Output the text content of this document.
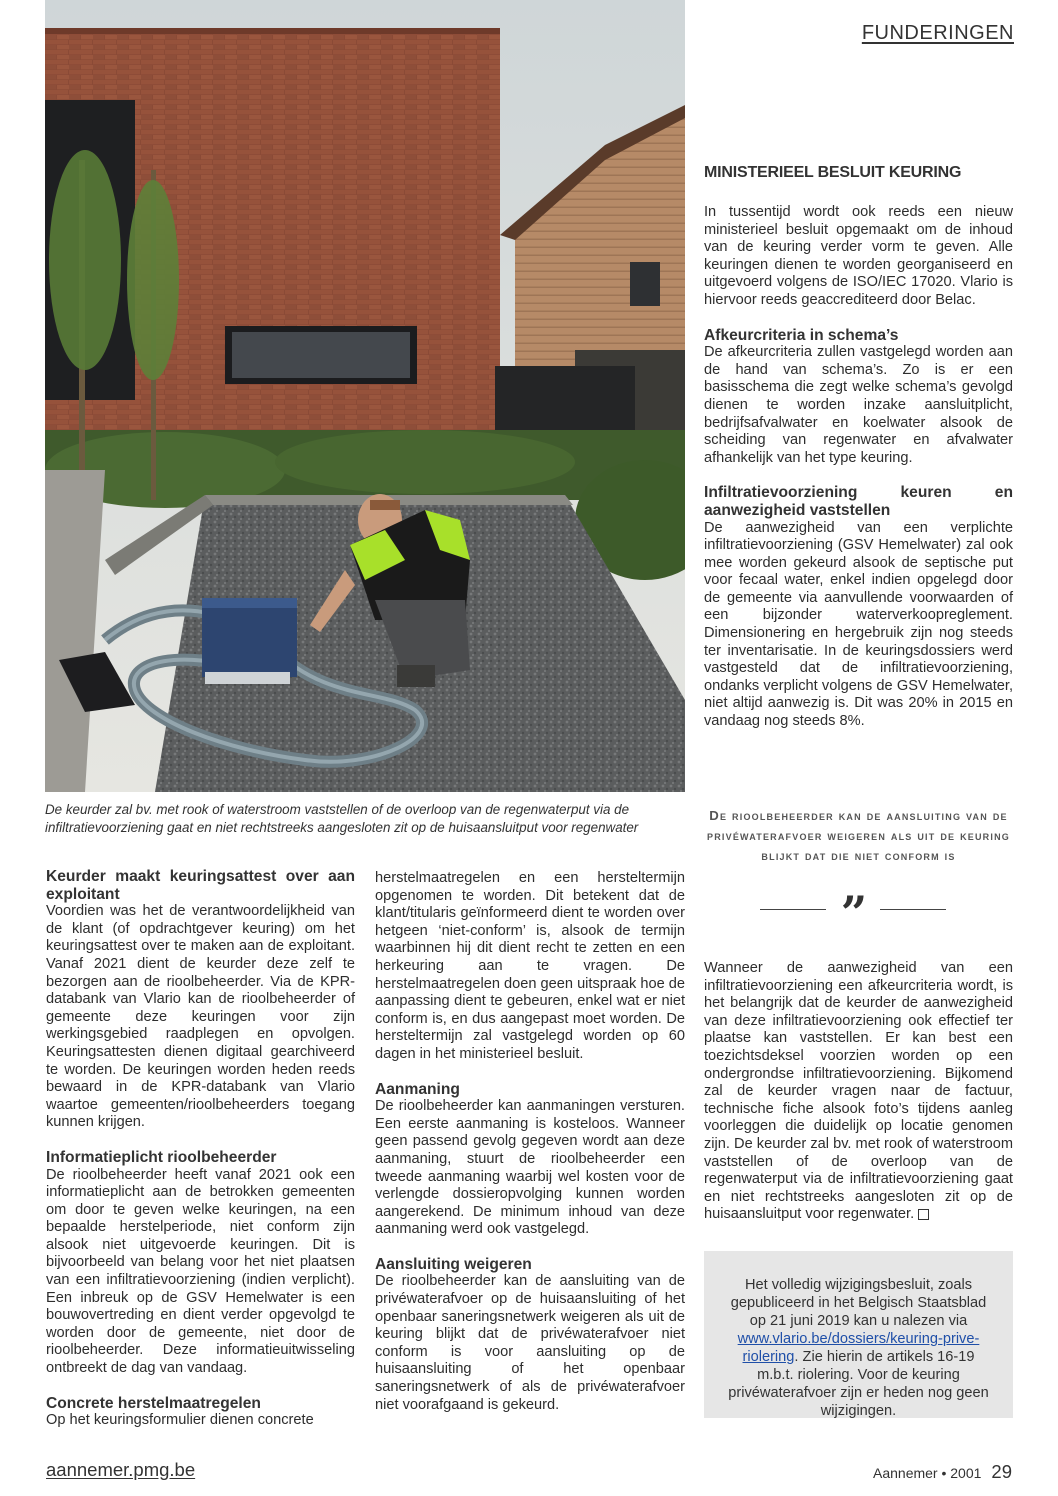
FUNDERINGEN
De keurder zal bv. met rook of waterstroom vaststellen of de overloop van de regenwaterput via de infiltratievoorziening gaat en niet rechtstreeks aangesloten zit op de huisaansluitput voor regenwater
Keurder maakt keuringsattest over aan exploitant

Voordien was het de verantwoordelijkheid van de klant (of opdrachtgever keuring) om het keuringsattest over te maken aan de exploitant. Vanaf 2021 dient de keurder deze zelf te bezorgen aan de rioolbeheerder. Via de KPR-databank van Vlario kan de rioolbeheerder of gemeente deze keuringen voor zijn werkingsgebied raadplegen en opvolgen. Keuringsattesten dienen digitaal gearchiveerd te worden. De keuringen worden heden reeds bewaard in de KPR-databank van Vlario waartoe gemeenten/rioolbeheerders toegang kunnen krijgen.

Informatieplicht rioolbeheerder

De rioolbeheerder heeft vanaf 2021 ook een informatieplicht aan de betrokken gemeenten om door te geven welke keuringen, na een bepaalde herstelperiode, niet conform zijn alsook niet uitgevoerde keuringen. Dit is bijvoorbeeld van belang voor het niet plaatsen van een infiltratievoorziening (indien verplicht). Een inbreuk op de GSV Hemelwater is een bouwovertreding en dient verder opgevolgd te worden door de gemeente, niet door de rioolbeheerder. Deze informatieuitwisseling ontbreekt de dag van vandaag.

Concrete herstelmaatregelen

Op het keuringsformulier dienen concrete

herstelmaatregelen en een hersteltermijn opgenomen te worden. Dit betekent dat de klant/titularis geïnformeerd dient te worden over hetgeen ‘niet-conform’ is, alsook de termijn waarbinnen hij dit dient recht te zetten en een herkeuring aan te vragen. De herstelmaatregelen doen geen uitspraak hoe de aanpassing dient te gebeuren, enkel wat er niet conform is, en dus aangepast moet worden. De hersteltermijn zal vastgelegd worden op 60 dagen in het ministerieel besluit.

Aanmaning

De rioolbeheerder kan aanmaningen versturen. Een eerste aanmaning is kosteloos. Wanneer geen passend gevolg gegeven wordt aan deze aanmaning, stuurt de rioolbeheerder een tweede aanmaning waarbij wel kosten voor de verlengde dossieropvolging kunnen worden aangerekend. De minimum inhoud van deze aanmaning werd ook vastgelegd.

Aansluiting weigeren

De rioolbeheerder kan de aansluiting van de privéwaterafvoer op de huisaansluiting of het openbaar saneringsnetwerk weigeren als uit de keuring blijkt dat de privéwaterafvoer niet conform is voor aansluiting op de huisaansluiting of het openbaar saneringsnetwerk of als de privéwaterafvoer niet voorafgaand is gekeurd.

MINISTERIEEL BESLUIT KEURING

In tussentijd wordt ook reeds een nieuw ministerieel besluit opgemaakt om de inhoud van de keuring verder vorm te geven. Alle keuringen dienen te worden georganiseerd en uitgevoerd volgens de ISO/IEC 17020. Vlario is hiervoor reeds geaccrediteerd door Belac.

Afkeurcriteria in schema’s

De afkeurcriteria zullen vastgelegd worden aan de hand van schema’s. Zo is er een basisschema die zegt welke schema’s gevolgd dienen te worden inzake aansluitplicht, bedrijfsafvalwater en koelwater alsook de scheiding van regenwater en afvalwater afhankelijk van het type keuring.

Infiltratievoorziening keuren en aanwezigheid vaststellen

De aanwezigheid van een verplichte infiltratievoorziening (GSV Hemelwater) zal ook mee worden gekeurd alsook de septische put voor fecaal water, enkel indien opgelegd door de gemeente via aanvullende voorwaarden of een bijzonder waterverkoopreglement. Dimensionering en hergebruik zijn nog steeds ter inventarisatie. In de keuringsdossiers werd vastgesteld dat de infiltratievoorziening, ondanks verplicht volgens de GSV Hemelwater, niet altijd aanwezig is. Dit was 20% in 2015 en vandaag nog steeds 8%.

De rioolbeheerder kan de aansluiting van de privéwaterafvoer weigeren als uit de keuring blijkt dat die niet conform is
”

Wanneer de aanwezigheid van een infiltratievoorziening een afkeurcriteria wordt, is het belangrijk dat de keurder de aanwezigheid van deze infiltratievoorziening ook effectief ter plaatse kan vaststellen. Er kan best een toezichtsdeksel voorzien worden op een ondergrondse infiltratievoorziening. Bijkomend zal de keurder vragen naar de factuur, technische fiche alsook foto’s tijdens aanleg voorleggen die duidelijk op locatie genomen zijn. De keurder zal bv. met rook of waterstroom vaststellen of de overloop van de regenwaterput via de infiltratievoorziening gaat en niet rechtstreeks aangesloten zit op de huisaansluitput voor regenwater.

Het volledig wijzigingsbesluit, zoals gepubliceerd in het Belgisch Staatsblad op 21 juni 2019 kan u nalezen via www.vlario.be/dossiers/keuring-prive-riolering. Zie hierin de artikels 16-19 m.b.t. riolering. Voor de keuring privéwaterafvoer zijn er heden nog geen wijzigingen.
aannemer.pmg.be	Aannemer • 2001 29
